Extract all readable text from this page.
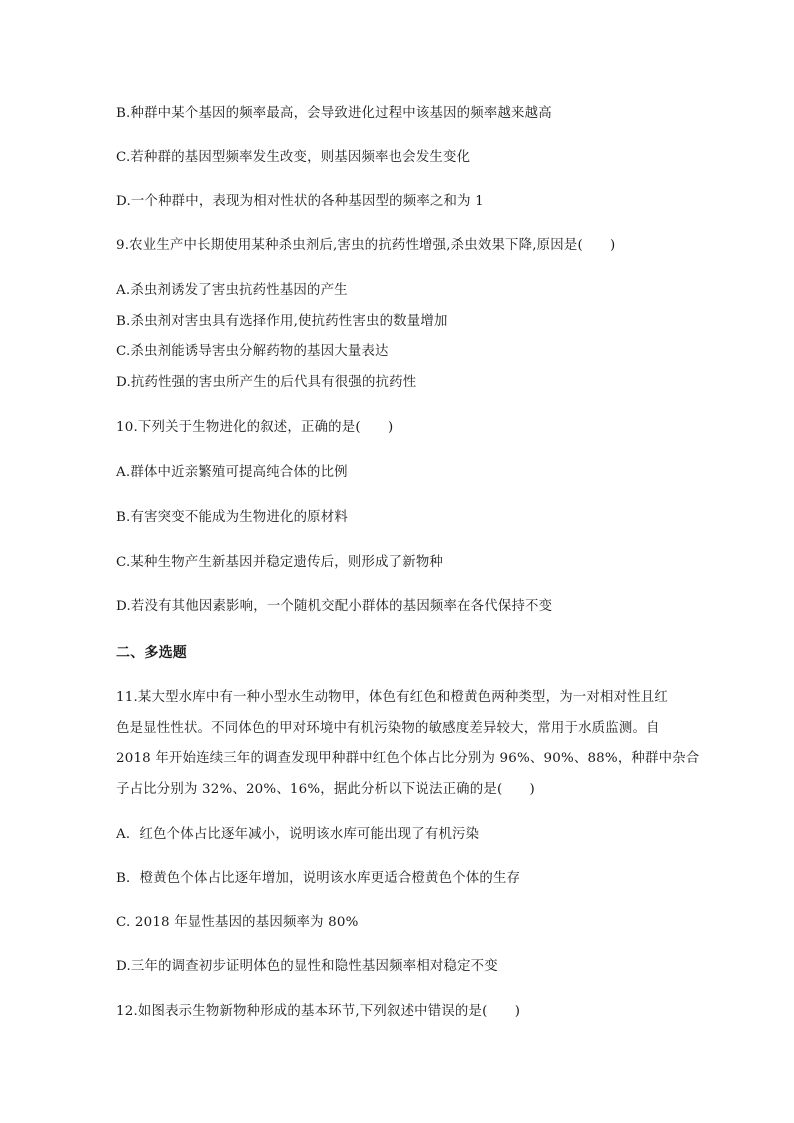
B.种群中某个基因的频率最高，会导致进化过程中该基因的频率越来越高
C.若种群的基因型频率发生改变，则基因频率也会发生变化
D.一个种群中，表现为相对性状的各种基因型的频率之和为 1
9.农业生产中长期使用某种杀虫剂后,害虫的抗药性增强,杀虫效果下降,原因是(　　)
A.杀虫剂诱发了害虫抗药性基因的产生
B.杀虫剂对害虫具有选择作用,使抗药性害虫的数量增加
C.杀虫剂能诱导害虫分解药物的基因大量表达
D.抗药性强的害虫所产生的后代具有很强的抗药性
10.下列关于生物进化的叙述，正确的是(　　)
A.群体中近亲繁殖可提高纯合体的比例
B.有害突变不能成为生物进化的原材料
C.某种生物产生新基因并稳定遗传后，则形成了新物种
D.若没有其他因素影响，一个随机交配小群体的基因频率在各代保持不变
二、多选题
11.某大型水库中有一种小型水生动物甲，体色有红色和橙黄色两种类型，为一对相对性且红
色是显性性状。不同体色的甲对环境中有机污染物的敏感度差异较大，常用于水质监测。自
2018 年开始连续三年的调查发现甲种群中红色个体占比分别为 96%、90%、88%，种群中杂合
子占比分别为 32%、20%、16%，据此分析以下说法正确的是(　　)
A．红色个体占比逐年减小，说明该水库可能出现了有机污染
B．橙黄色个体占比逐年增加，说明该水库更适合橙黄色个体的生存
C. 2018 年显性基因的基因频率为 80%
D.三年的调查初步证明体色的显性和隐性基因频率相对稳定不变
12.如图表示生物新物种形成的基本环节,下列叙述中错误的是(　　)
